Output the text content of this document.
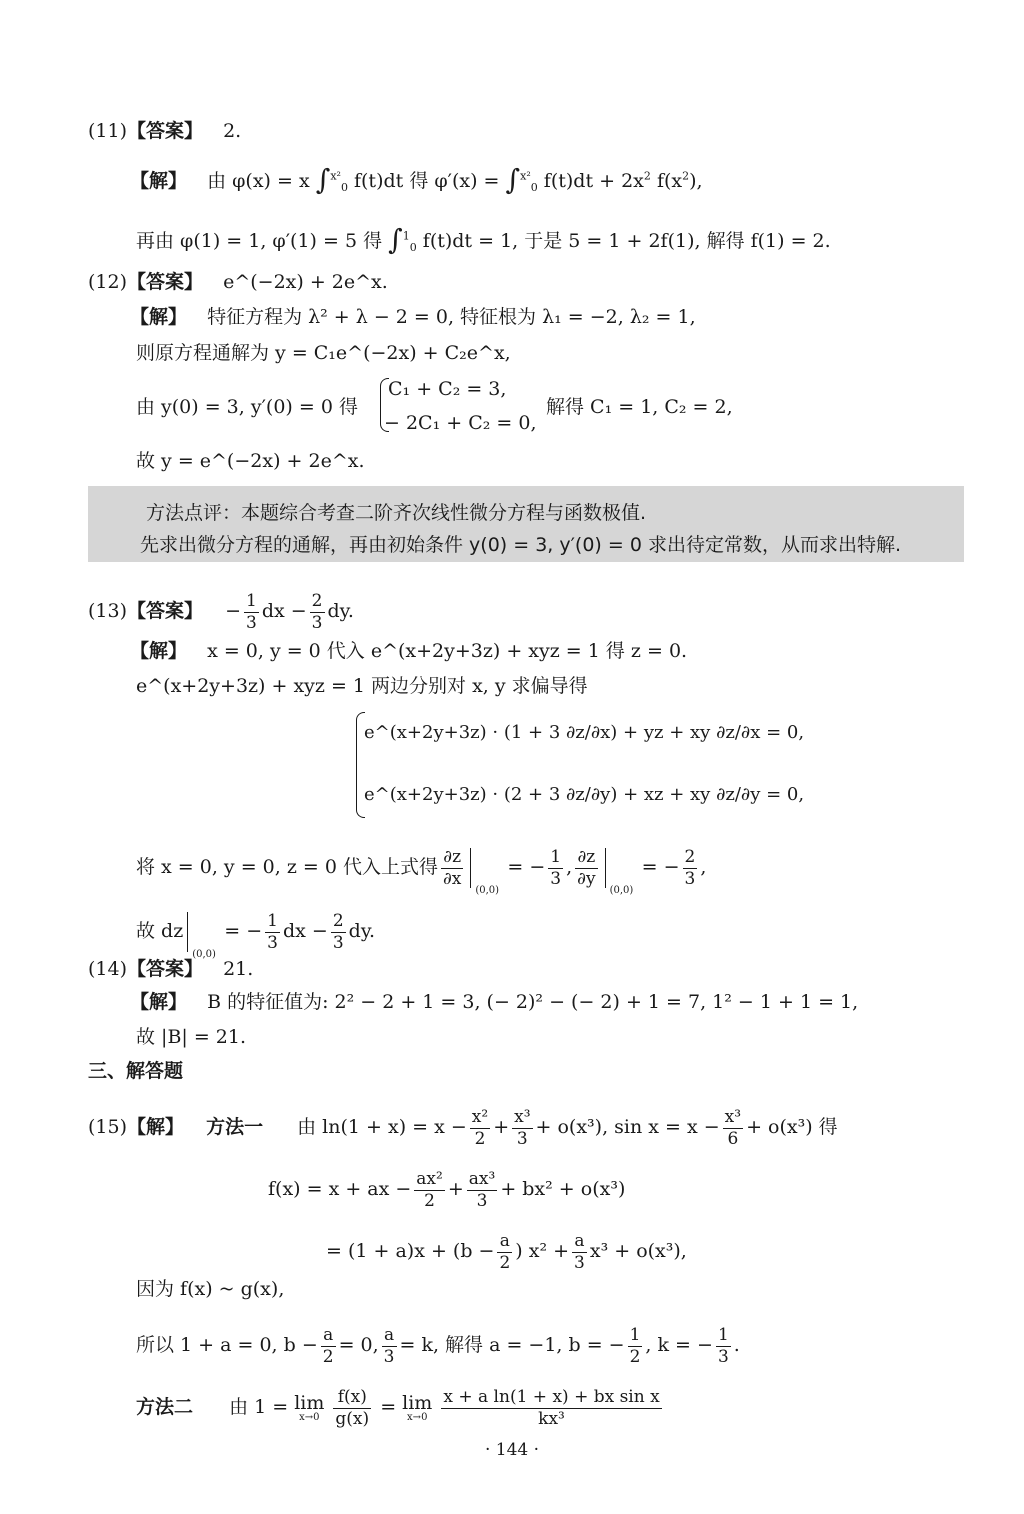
(11)【答案】 2.
【解】 由 φ(x) = x ∫$^{x^2}_0$ f(t)dt 得 φ′(x) = ∫$^{x^2}_0$ $f(t)dt + 2x^2$ $f(x^2)$,
再由 φ(1) = 1, φ′(1) = 5 得 ∫$^1_0$ f(t)dt = 1, 于是 5 = 1 + 2f(1), 解得 f(1) = 2.
(12)【答案】 e^(−2x) + 2e^x.
【解】 特征方程为 λ² + λ − 2 = 0, 特征根为 λ₁ = −2, λ₂ = 1,
则原方程通解为 y = C₁e^(−2x) + C₂e^x,
由 y(0) = 3, y′(0) = 0 得
C₁ + C₂ = 3,
− 2C₁ + C₂ = 0,
解得 C₁ = 1, C₂ = 2,
故 y = e^(−2x) + 2e^x.
方法点评：本题综合考查二阶齐次线性微分方程与函数极值.
先求出微分方程的通解，再由初始条件 y(0) = 3, y′(0) = 0 求出待定常数，从而求出特解.
(13)【答案】 − $\frac{1}{3}$ dx − $\frac{2}{3}$ dy.
【解】 x = 0, y = 0 代入 e^(x+2y+3z) + xyz = 1 得 z = 0.
e^(x+2y+3z) + xyz = 1 两边分别对 x, y 求偏导得
e^(x+2y+3z) · (1 + 3 ∂z/∂x) + yz + xy ∂z/∂x = 0,
e^(x+2y+3z) · (2 + 3 ∂z/∂y) + xz + xy ∂z/∂y = 0,
将 x = 0, y = 0, z = 0 代入上式得 $\frac{\partial z}{\partial x}$
(0,0)
= − $\frac{1}{3}$ , $\frac{\partial z}{\partial y}$
(0,0)
= − $\frac{2}{3}$ ,
故 dz
(0,0)
= − $\frac{1}{3}$ dx − $\frac{2}{3}$ dy.
(14)【答案】 21.
【解】 B 的特征值为: 2² − 2 + 1 = 3, (− 2)² − (− 2) + 1 = 7, 1² − 1 + 1 = 1,
故 |B| = 21.
三、解答题
(15)【解】 方法一 由 $\ln(1 + x) = x - \frac{\text{x²}}{2} + \frac{\text{x³}}{3} + o(x^3)$, $\sin x = x - \frac{\text{x³}}{6} + o(x^3)$ 得
f(x) = x + ax − $\frac{\text{ax²}}{2} + \frac{\text{ax³}}{3} + bx^2 + o(x^3)$
= $(1 + a)x + (b - \frac{a}{2}$ ) $x^2 + \frac{a}{3} x^3 + o(x^3)$,
因为 f(x) ~ g(x),
所以 1 + a = 0, $b - \frac{a}{2} = 0$, $\frac{a}{3} = k$, 解得 a = −1, b = − $\frac{1}{2}$ , k = − $\frac{1}{3}$ .
方法二 由 1 = lim
x→0
$\frac{f(x)}{g(x)} = \lim$
x→0
$\frac{\text{x + a ln(1 + x) + bx sin x}}{\text{kx³}}$
· 144 ·
